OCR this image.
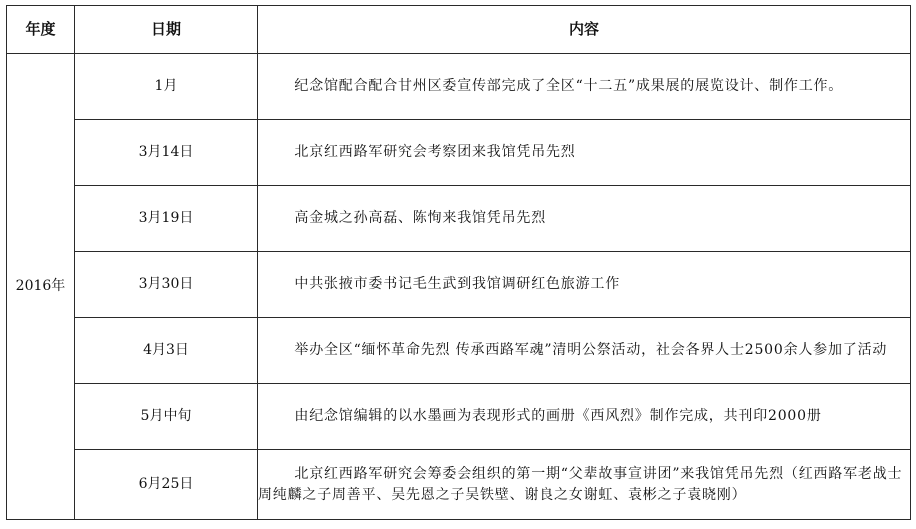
年度	日期	内容
2016年	1月	纪念馆配合配合甘州区委宣传部完成了全区“十二五”成果展的展览设计、制作工作。

	3月14日	北京红西路军研究会考察团来我馆凭吊先烈

	3月19日	高金城之孙高磊、陈恂来我馆凭吊先烈

	3月30日	中共张掖市委书记毛生武到我馆调研红色旅游工作

	4月3日	举办全区“缅怀革命先烈 传承西路军魂”清明公祭活动，社会各界人士2500余人参加了活动

	5月中旬	由纪念馆编辑的以水墨画为表现形式的画册《西风烈》制作完成，共刊印2000册

	6月25日	北京红西路军研究会筹委会组织的第一期“父辈故事宣讲团”来我馆凭吊先烈（红西路军老战士周纯麟之子周善平、吴先恩之子吴铁壁、谢良之女谢虹、袁彬之子袁晓刚）
